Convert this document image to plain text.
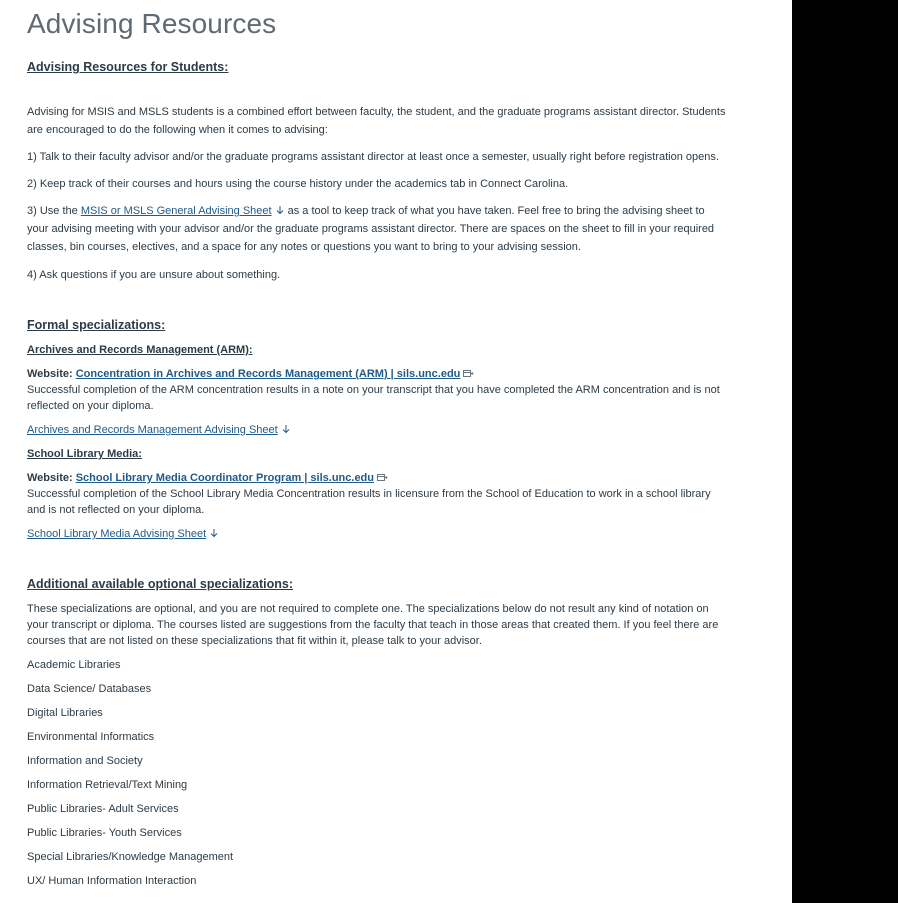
Advising Resources
Advising Resources for Students:
Advising for MSIS and MSLS students is a combined effort between faculty, the student, and the graduate programs assistant director. Students are encouraged to do the following when it comes to advising:
1) Talk to their faculty advisor and/or the graduate programs assistant director at least once a semester, usually right before registration opens.
2) Keep track of their courses and hours using the course history under the academics tab in Connect Carolina.
3) Use the MSIS or MSLS General Advising Sheet as a tool to keep track of what you have taken. Feel free to bring the advising sheet to your advising meeting with your advisor and/or the graduate programs assistant director. There are spaces on the sheet to fill in your required classes, bin courses, electives, and a space for any notes or questions you want to bring to your advising session.
4) Ask questions if you are unsure about something.
Formal specializations:
Archives and Records Management (ARM):
Website: Concentration in Archives and Records Management (ARM) | sils.unc.edu
Successful completion of the ARM concentration results in a note on your transcript that you have completed the ARM concentration and is not reflected on your diploma.
Archives and Records Management Advising Sheet
School Library Media:
Website: School Library Media Coordinator Program | sils.unc.edu
Successful completion of the School Library Media Concentration results in licensure from the School of Education to work in a school library and is not reflected on your diploma.
School Library Media Advising Sheet
Additional available optional specializations:
These specializations are optional, and you are not required to complete one. The specializations below do not result any kind of notation on your transcript or diploma. The courses listed are suggestions from the faculty that teach in those areas that created them. If you feel there are courses that are not listed on these specializations that fit within it, please talk to your advisor.
Academic Libraries
Data Science/ Databases
Digital Libraries
Environmental Informatics
Information and Society
Information Retrieval/Text Mining
Public Libraries- Adult Services
Public Libraries- Youth Services
Special Libraries/Knowledge Management
UX/ Human Information Interaction
